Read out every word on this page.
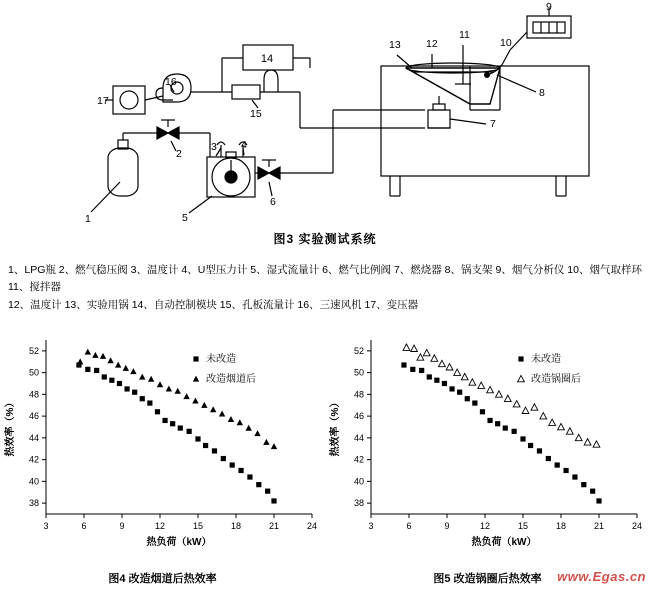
14
1
2
3 4
5
6
7
8
9
10
11
12
13
15
16
17
图3 实验测试系统
1、LPG瓶 2、燃气稳压阀 3、温度计 4、U型压力计 5、湿式流量计 6、燃气比例阀 7、燃烧器 8、锅支架 9、烟气分析仪 10、烟气取样环 11、搅拌器
12、温度计 13、实验用锅 14、自动控制模块 15、孔板流量计 16、三速风机 17、变压器
3	6	9	12	15	18	21	24
38
40
42
44
46
48
50
52
热负荷（kW）
热效率（%）
未改造
改造烟道后
图4 改造烟道后热效率
3	6	9	12	15	18	21	24
38
40
42
44
46
48
50
52
热负荷（kW）
热效率（%）
未改造
改造锅圈后
图5 改造锅圈后热效率	www.Egas.cn
